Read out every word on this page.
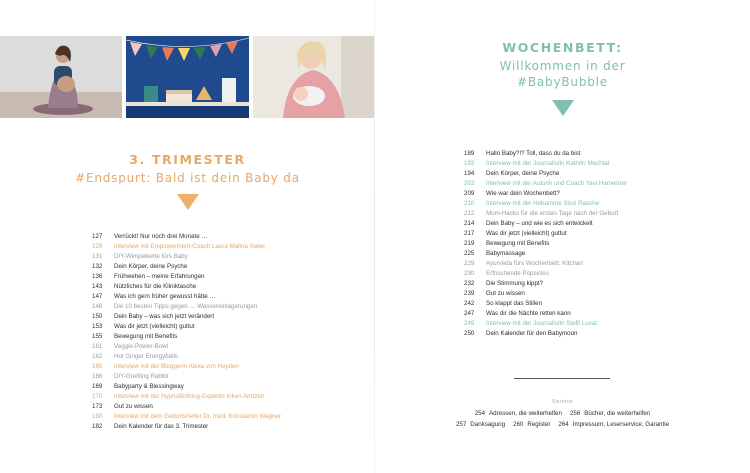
3. TRIMESTER
#Endspurt: Bald ist dein Baby da
127 Verrückt! Nur noch drei Monate …
129 Interview mit Empowerment-Coach Laura Malina Seiler
131 DIY-Wimpelkette fürs Baby
132 Dein Körper, deine Psyche
136 Frühwehen – meine Erfahrungen
143 Nützliches für die Kliniktasche
147 Was ich gern früher gewusst hätte …
148 Die 10 besten Tipps gegen … Wassereinlagerungen
150 Dein Baby – was sich jetzt verändert
153 Was dir jetzt (vielleicht) guttut
155 Bewegung mit Benefits
161 Veggie-Power-Bowl
162 Hot Ginger Energyballs
165 Interview mit der Bloggerin Alexa von Heyden
166 DIY-Greifling Rabbit
169 Babyparty & Blessingway
170 Interview mit der HypnoBirthing-Expertin Inken Arntzen
173 Gut zu wissen
180 Interview mit dem Geburtshelfer Dr. med. Konstantin Wagner
182 Dein Kalender für das 3. Trimester
WOCHENBETT:
Willkommen in der
#BabyBubble
189 Hallo Baby?!? Toll, dass du da bist
193 Interview mit der Journalistin Kathrin Mechtat
194 Dein Körper, deine Psyche
203 Interview mit der Autorin und Coach Yavi Hameister
209 Wie war dein Wochenbett?
210 Interview mit der Hebamme Sissi Rasche
212 Mom-Hacks für die ersten Tage nach der Geburt
214 Dein Baby – und wie es sich entwickelt
217 Was dir jetzt (vielleicht) guttut
219 Bewegung mit Benefits
225 Babymassage
229 Ayurveda fürs Wochenbett: Kitchari
230 Erfrischende Popsicles
232 Die Stimmung kippt?
239 Gut zu wissen
242 So klappt das Stillen
247 Was dir die Nächte retten kann
249 Interview mit der Journalistin Steffi Luxat
250 Dein Kalender für den Babymoon
Service
254 Adressen, die weiterhelfen 256 Bücher, die weiterhelfen
257 Danksagung 260 Register 264 Impressum, Leserservice, Garantie
